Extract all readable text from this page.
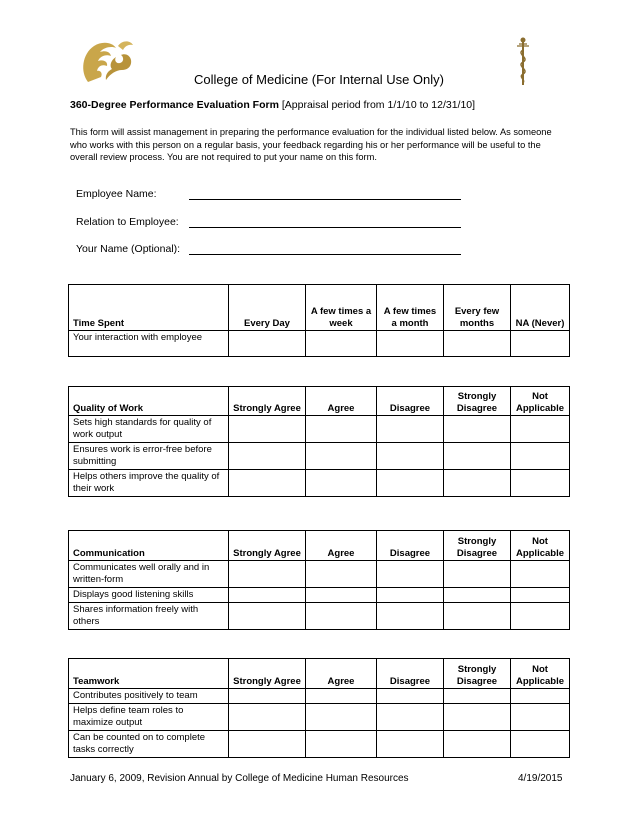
College of Medicine (For Internal Use Only)
360-Degree Performance Evaluation Form [Appraisal period from 1/1/10 to 12/31/10]
This form will assist management in preparing the performance evaluation for the individual listed below. As someone who works with this person on a regular basis, your feedback regarding his or her performance will be useful to the overall review process. You are not required to put your name on this form.
Employee Name:
Relation to Employee:
Your Name (Optional):
Time Spent	Every Day	A few times a week	A few times a month	Every few months	NA (Never)
Your interaction with employee					
Quality of Work	Strongly Agree	Agree	Disagree	Strongly Disagree	Not Applicable
Sets high standards for quality of work output					
Ensures work is error-free before submitting					
Helps others improve the quality of their work					
Communication	Strongly Agree	Agree	Disagree	Strongly Disagree	Not Applicable
Communicates well orally and in written-form					
Displays good listening skills					
Shares information freely with others					
Teamwork	Strongly Agree	Agree	Disagree	Strongly Disagree	Not Applicable
Contributes positively to team					
Helps define team roles to maximize output					
Can be counted on to complete tasks correctly					
January 6, 2009, Revision Annual by College of Medicine Human Resources	4/19/2015
